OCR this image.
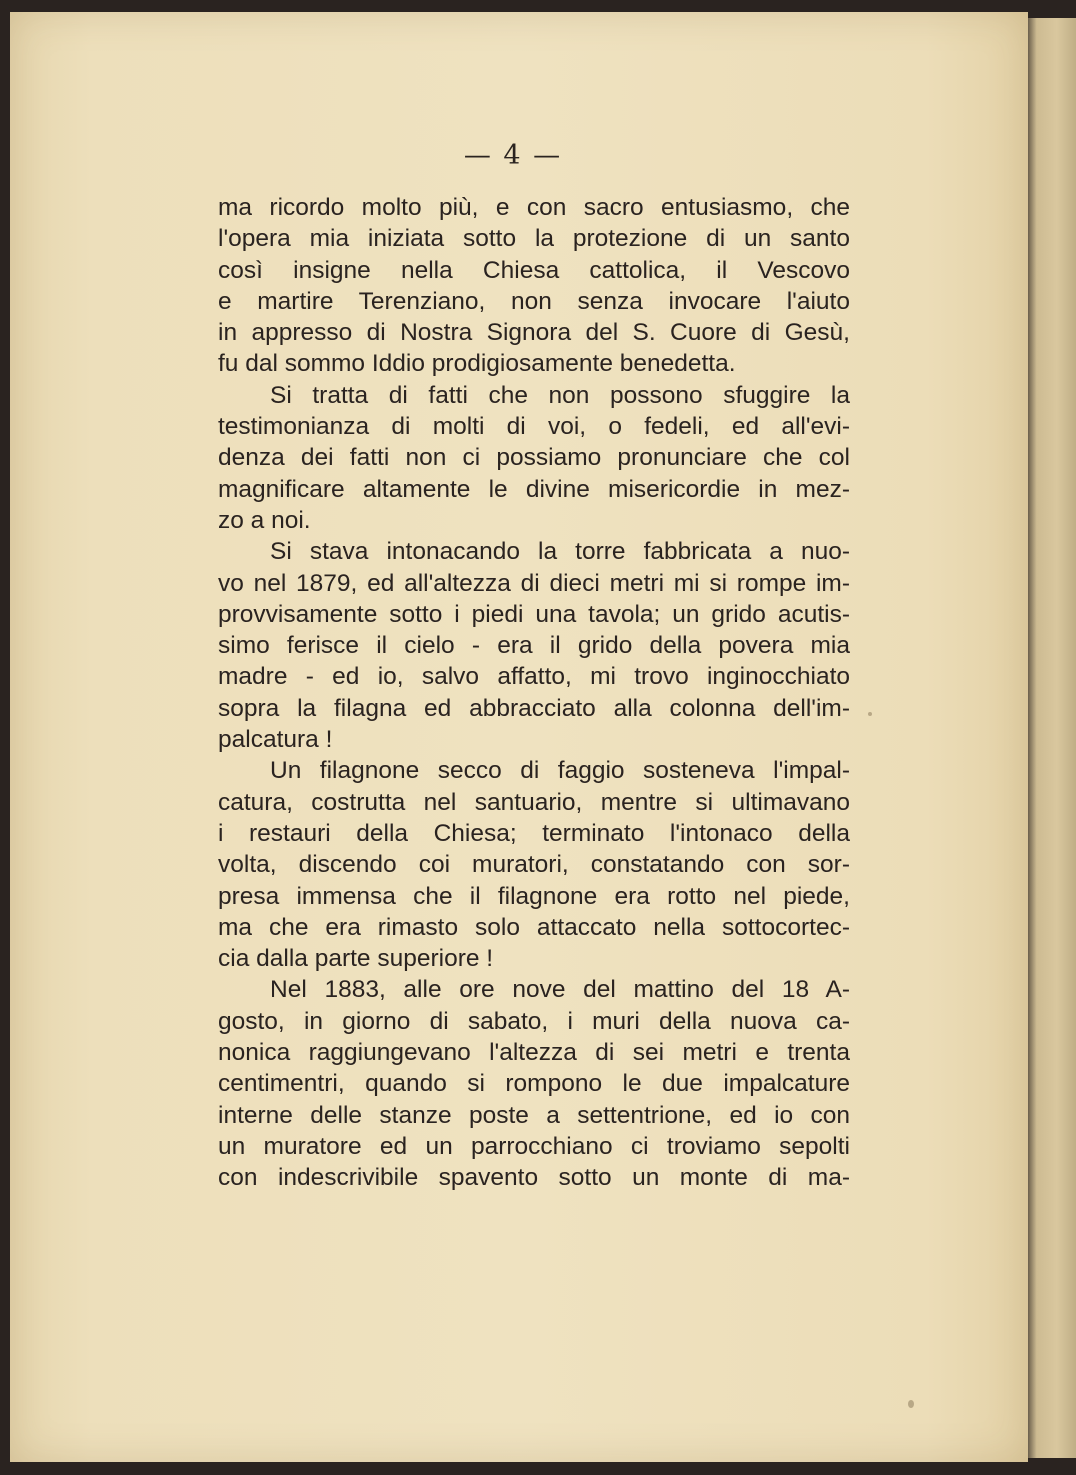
— 4 —
ma ricordo molto più, e con sacro entusiasmo, che
l'opera mia iniziata sotto la protezione di un santo
così insigne nella Chiesa cattolica, il Vescovo
e martire Terenziano, non senza invocare l'aiuto
in appresso di Nostra Signora del S. Cuore di Gesù,
fu dal sommo Iddio prodigiosamente benedetta.
Si tratta di fatti che non possono sfuggire la
testimonianza di molti di voi, o fedeli, ed all'evi-
denza dei fatti non ci possiamo pronunciare che col
magnificare altamente le divine misericordie in mez-
zo a noi.
Si stava intonacando la torre fabbricata a nuo-
vo nel 1879, ed all'altezza di dieci metri mi si rompe im-
provvisamente sotto i piedi una tavola; un grido acutis-
simo ferisce il cielo - era il grido della povera mia
madre - ed io, salvo affatto, mi trovo inginocchiato
sopra la filagna ed abbracciato alla colonna dell'im-
palcatura !
Un filagnone secco di faggio sosteneva l'impal-
catura, costrutta nel santuario, mentre si ultimavano
i restauri della Chiesa; terminato l'intonaco della
volta, discendo coi muratori, constatando con sor-
presa immensa che il filagnone era rotto nel piede,
ma che era rimasto solo attaccato nella sottocortec-
cia dalla parte superiore !
Nel 1883, alle ore nove del mattino del 18 A-
gosto, in giorno di sabato, i muri della nuova ca-
nonica raggiungevano l'altezza di sei metri e trenta
centimentri, quando si rompono le due impalcature
interne delle stanze poste a settentrione, ed io con
un muratore ed un parrocchiano ci troviamo sepolti
con indescrivibile spavento sotto un monte di ma-
